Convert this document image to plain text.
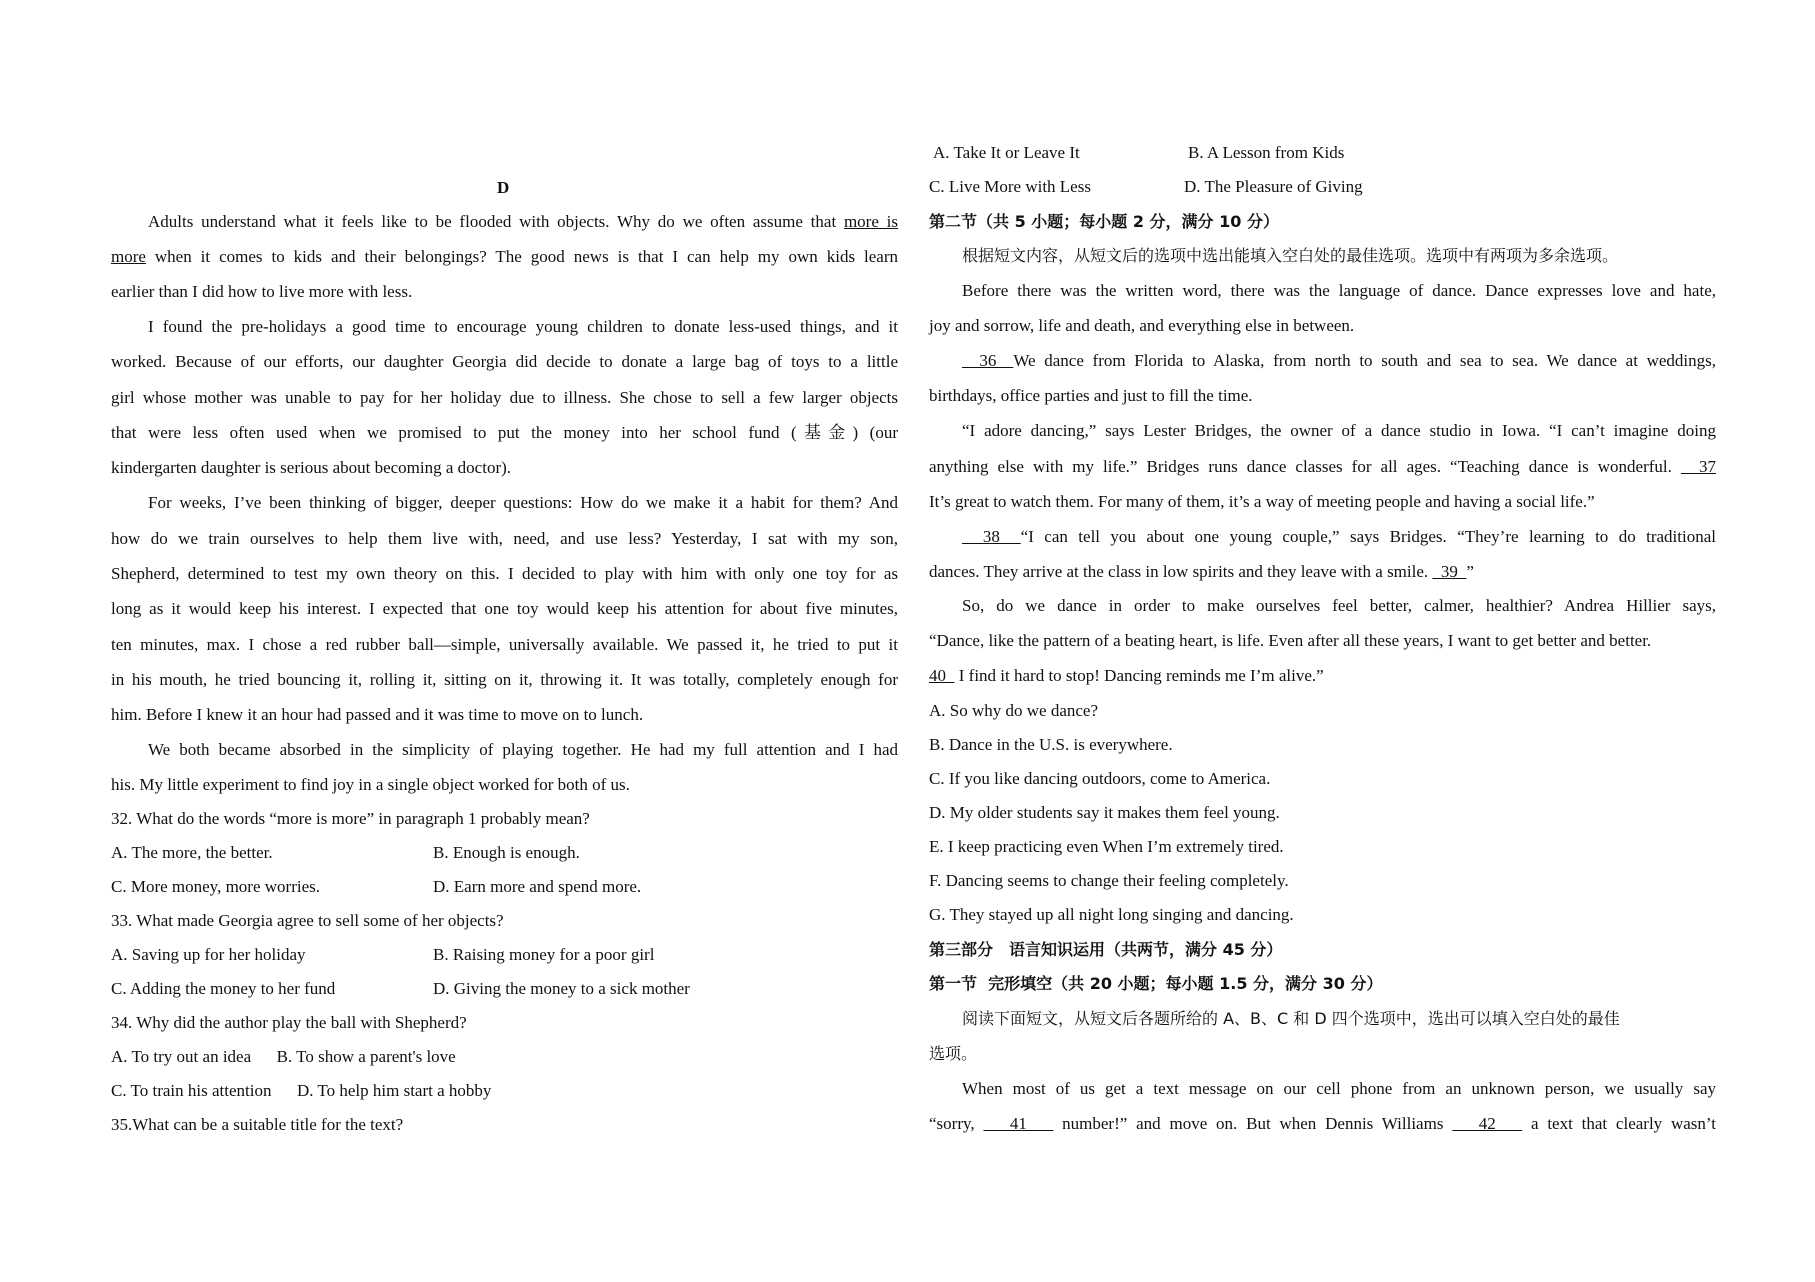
D
Adults understand what it feels like to be flooded with objects. Why do we often assume that more is
more when it comes to kids and their belongings? The good news is that I can help my own kids learn
earlier than I did how to live more with less.
I found the pre-holidays a good time to encourage young children to donate less-used things, and it
worked. Because of our efforts, our daughter Georgia did decide to donate a large bag of toys to a little
girl whose mother was unable to pay for her holiday due to illness. She chose to sell a few larger objects
that were less often used when we promised to put the money into her school fund (基金) (our
kindergarten daughter is serious about becoming a doctor).
For weeks, I’ve been thinking of bigger, deeper questions: How do we make it a habit for them? And
how do we train ourselves to help them live with, need, and use less? Yesterday, I sat with my son,
Shepherd, determined to test my own theory on this. I decided to play with him with only one toy for as
long as it would keep his interest. I expected that one toy would keep his attention for about five minutes,
ten minutes, max. I chose a red rubber ball—simple, universally available. We passed it, he tried to put it
in his mouth, he tried bouncing it, rolling it, sitting on it, throwing it. It was totally, completely enough for
him. Before I knew it an hour had passed and it was time to move on to lunch.
We both became absorbed in the simplicity of playing together. He had my full attention and I had
his. My little experiment to find joy in a single object worked for both of us.
32. What do the words “more is more” in paragraph 1 probably mean?
A. The more, the better.	B. Enough is enough.
C. More money, more worries.	D. Earn more and spend more.
33. What made Georgia agree to sell some of her objects?
A. Saving up for her holiday	B. Raising money for a poor girl
C. Adding the money to her fund	D. Giving the money to a sick mother
34. Why did the author play the ball with Shepherd?
A. To try out an idea      B. To show a parent's love
C. To train his attention      D. To help him start a hobby
35.What can be a suitable title for the text?
A. Take It or Leave It	B. A Lesson from Kids
C. Live More with Less	D. The Pleasure of Giving
第二节（共 5 小题；每小题 2 分，满分 10 分）
根据短文内容，从短文后的选项中选出能填入空白处的最佳选项。选项中有两项为多余选项。
Before there was the written word, there was the language of dance. Dance expresses love and hate,
joy and sorrow, life and death, and everything else in between.
36  We dance from Florida to Alaska, from north to south and sea to sea. We dance at weddings,
birthdays, office parties and just to fill the time.
“I adore dancing,” says Lester Bridges, the owner of a dance studio in Iowa. “I can’t imagine doing
anything else with my life.” Bridges runs dance classes for all ages. “Teaching dance is wonderful.   37
It’s great to watch them. For many of them, it’s a way of meeting people and having a social life.”
38  “I can tell you about one young couple,” says Bridges. “They’re learning to do traditional
dances. They arrive at the class in low spirits and they leave with a smile.   39  ”
So, do we dance in order to make ourselves feel better, calmer, healthier? Andrea Hillier says,
“Dance, like the pattern of a beating heart, is life. Even after all these years, I want to get better and better.
40   I find it hard to stop! Dancing reminds me I’m alive.”
A. So why do we dance?
B. Dance in the U.S. is everywhere.
C. If you like dancing outdoors, come to America.
D. My older students say it makes them feel young.
E. I keep practicing even When I’m extremely tired.
F. Dancing seems to change their feeling completely.
G. They stayed up all night long singing and dancing.
第三部分　语言知识运用（共两节，满分 45 分）
第一节  完形填空（共 20 小题；每小题 1.5 分，满分 30 分）
阅读下面短文，从短文后各题所给的 A、B、C 和 D 四个选项中，选出可以填入空白处的最佳
选项。
When most of us get a text message on our cell phone from an unknown person, we usually say
“sorry,    41    number!” and move on. But when Dennis Williams    42    a text that clearly wasn’t
